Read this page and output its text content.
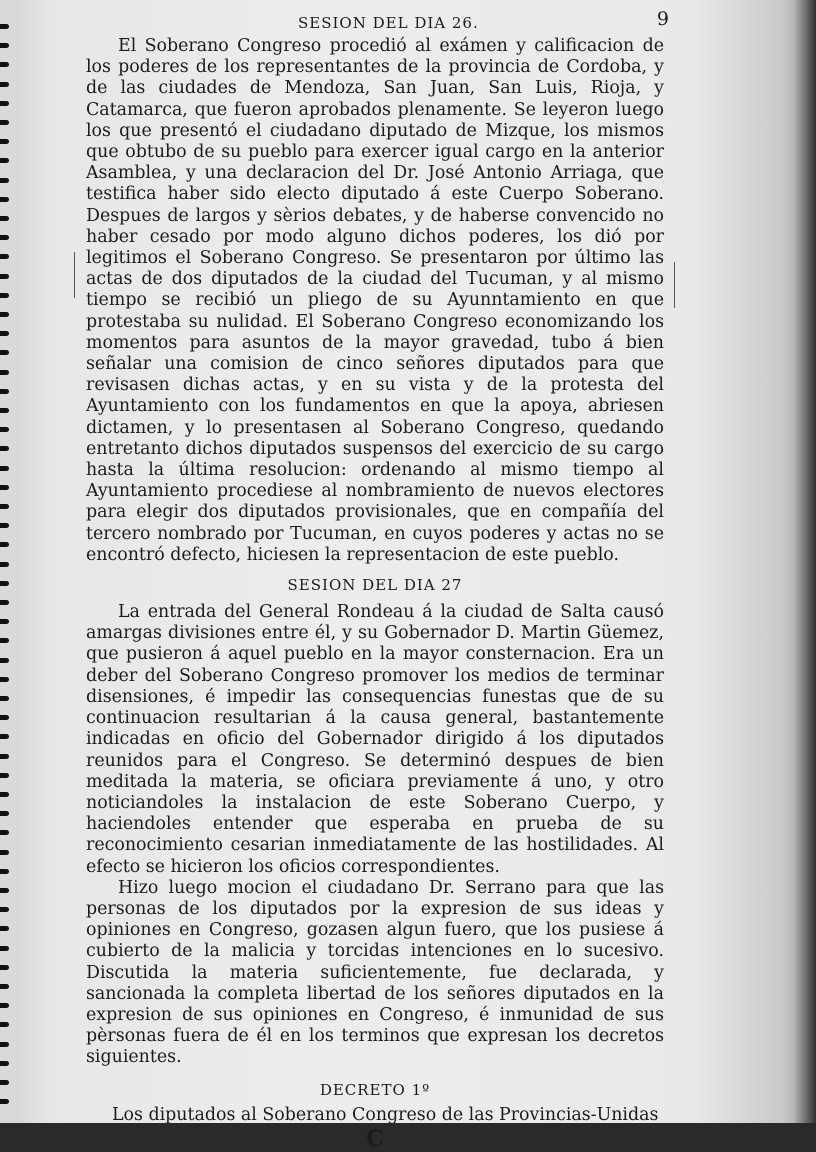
SESION DEL DIA 26.	9

El Soberano Congreso procedió al exámen y calificacion de los poderes de los representantes de la provincia de Cordoba, y de las ciudades de Mendoza, San Juan, San Luis, Rioja, y Catamarca, que fueron aprobados plenamente. Se leyeron luego los que presentó el ciudadano diputado de Mizque, los mismos que obtubo de su pueblo para exercer igual cargo en la anterior Asamblea, y una declaracion del Dr. José Antonio Arriaga, que testifica haber sido electo diputado á este Cuerpo Soberano. Despues de largos y sèrios debates, y de haberse convencido no haber cesado por modo alguno dichos poderes, los dió por legitimos el Soberano Congreso. Se presentaron por último las actas de dos diputados de la ciudad del Tucuman, y al mismo tiempo se recibió un pliego de su Ayunntamiento en que protestaba su nulidad. El Soberano Congreso economizando los momentos para asuntos de la mayor gravedad, tubo á bien señalar una comision de cinco señores diputados para que revisasen dichas actas, y en su vista y de la protesta del Ayuntamiento con los fundamentos en que la apoya, abriesen dictamen, y lo presentasen al Soberano Congreso, quedando entretanto dichos diputados suspensos del exercicio de su cargo hasta la última resolucion: ordenando al mismo tiempo al Ayuntamiento procediese al nombramiento de nuevos electores para elegir dos diputados provisionales, que en compañía del tercero nombrado por Tucuman, en cuyos poderes y actas no se encontró defecto, hiciesen la representacion de este pueblo.

SESION DEL DIA 27

La entrada del General Rondeau á la ciudad de Salta causó amargas divisiones entre él, y su Gobernador D. Martin Güemez, que pusieron á aquel pueblo en la mayor consternacion. Era un deber del Soberano Congreso promover los medios de terminar disensiones, é impedir las consequencias funestas que de su continuacion resultarian á la causa general, bastantemente indicadas en oficio del Gobernador dirigido á los diputados reunidos para el Congreso. Se determinó despues de bien meditada la materia, se oficiara previamente á uno, y otro noticiandoles la instalacion de este Soberano Cuerpo, y haciendoles entender que esperaba en prueba de su reconocimiento cesarian inmediatamente de las hostilidades. Al efecto se hicieron los oficios correspondientes.

Hizo luego mocion el ciudadano Dr. Serrano para que las personas de los diputados por la expresion de sus ideas y opiniones en Congreso, gozasen algun fuero, que los pusiese á cubierto de la malicia y torcidas intenciones en lo sucesivo. Discutida la materia suficientemente, fue declarada, y sancionada la completa libertad de los señores diputados en la expresion de sus opiniones en Congreso, é inmunidad de sus pèrsonas fuera de él en los terminos que expresan los decretos siguientes.

DECRETO 1º

Los diputados al Soberano Congreso de las Provincias-Unidas

C
